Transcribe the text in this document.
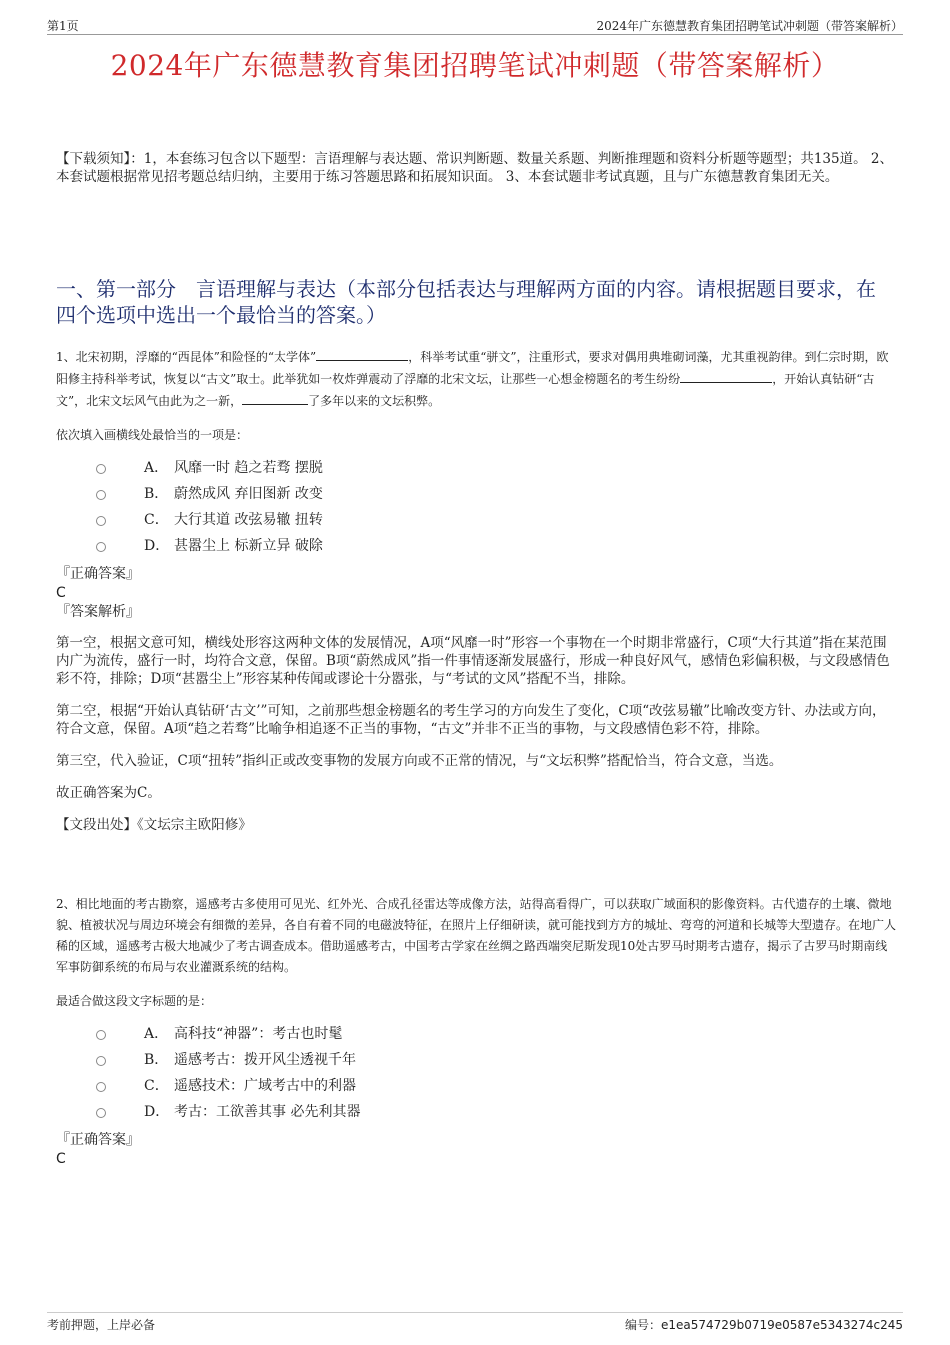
第1页	2024年广东德慧教育集团招聘笔试冲刺题（带答案解析）
2024年广东德慧教育集团招聘笔试冲刺题（带答案解析）
【下载须知】：1，本套练习包含以下题型：言语理解与表达题、常识判断题、数量关系题、判断推理题和资料分析题等题型；共135道。 2、本套试题根据常见招考题总结归纳，主要用于练习答题思路和拓展知识面。 3、本套试题非考试真题，且与广东德慧教育集团无关。
一、第一部分　言语理解与表达（本部分包括表达与理解两方面的内容。请根据题目要求，在四个选项中选出一个最恰当的答案。）
1、北宋初期，浮靡的“西昆体”和险怪的“太学体”	，科举考试重“骈文”，注重形式，要求对偶用典堆砌词藻，尤其重视韵律。到仁宗时期，欧阳修主持科举考试，恢复以“古文”取士。此举犹如一枚炸弹震动了浮靡的北宋文坛，让那些一心想金榜题名的考生纷纷	，开始认真钻研“古文”，北宋文坛风气由此为之一新，	了多年以来的文坛积弊。
依次填入画横线处最恰当的一项是：
A． 风靡一时 趋之若骛 摆脱
B． 蔚然成风 弃旧图新 改变
C． 大行其道 改弦易辙 扭转
D． 甚嚣尘上 标新立异 破除
『正确答案』
C
『答案解析』

第一空，根据文意可知，横线处形容这两种文体的发展情况，A项“风靡一时”形容一个事物在一个时期非常盛行，C项“大行其道”指在某范围内广为流传，盛行一时，均符合文意，保留。B项“蔚然成风”指一件事情逐渐发展盛行，形成一种良好风气，感情色彩偏积极，与文段感情色彩不符，排除；D项“甚嚣尘上”形容某种传闻或谬论十分嚣张，与“考试的文风”搭配不当，排除。

第二空，根据“开始认真钻研‘古文’”可知，之前那些想金榜题名的考生学习的方向发生了变化，C项“改弦易辙”比喻改变方针、办法或方向，符合文意，保留。A项“趋之若骛”比喻争相追逐不正当的事物，“古文”并非不正当的事物，与文段感情色彩不符，排除。

第三空，代入验证，C项“扭转”指纠正或改变事物的发展方向或不正常的情况，与“文坛积弊”搭配恰当，符合文意，当选。

故正确答案为C。

【文段出处】《文坛宗主欧阳修》

2、相比地面的考古勘察，遥感考古多使用可见光、红外光、合成孔径雷达等成像方法，站得高看得广，可以获取广域面积的影像资料。古代遗存的土壤、微地貌、植被状况与周边环境会有细微的差异，各自有着不同的电磁波特征，在照片上仔细研读，就可能找到方方的城址、弯弯的河道和长城等大型遗存。在地广人稀的区域，遥感考古极大地减少了考古调查成本。借助遥感考古，中国考古学家在丝绸之路西端突尼斯发现10处古罗马时期考古遗存，揭示了古罗马时期南线军事防御系统的布局与农业灌溉系统的结构。
最适合做这段文字标题的是：
A． 高科技“神器”：考古也时髦
B． 遥感考古：拨开风尘透视千年
C． 遥感技术：广域考古中的利器
D． 考古：工欲善其事 必先利其器
『正确答案』
C
考前押题，上岸必备	编号：e1ea574729b0719e0587e5343274c245
